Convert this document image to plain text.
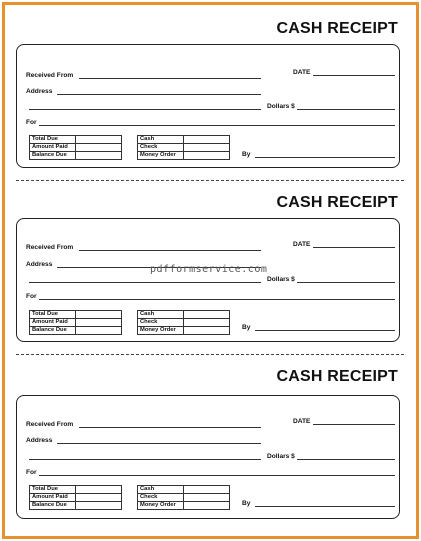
CASH RECEIPT
Received From	DATE
Address
Dollars $
For
Total Due	
Amount Paid	
Balance Due	
Cash	
Check	
Money Order		By
CASH RECEIPT
Received From	DATE
Address
Dollars $
For
Total Due	
Amount Paid	
Balance Due	
Cash	
Check	
Money Order		By
pdfformservice.com
CASH RECEIPT
Received From	DATE
Address
Dollars $
For
Total Due	
Amount Paid	
Balance Due	
Cash	
Check	
Money Order		By
